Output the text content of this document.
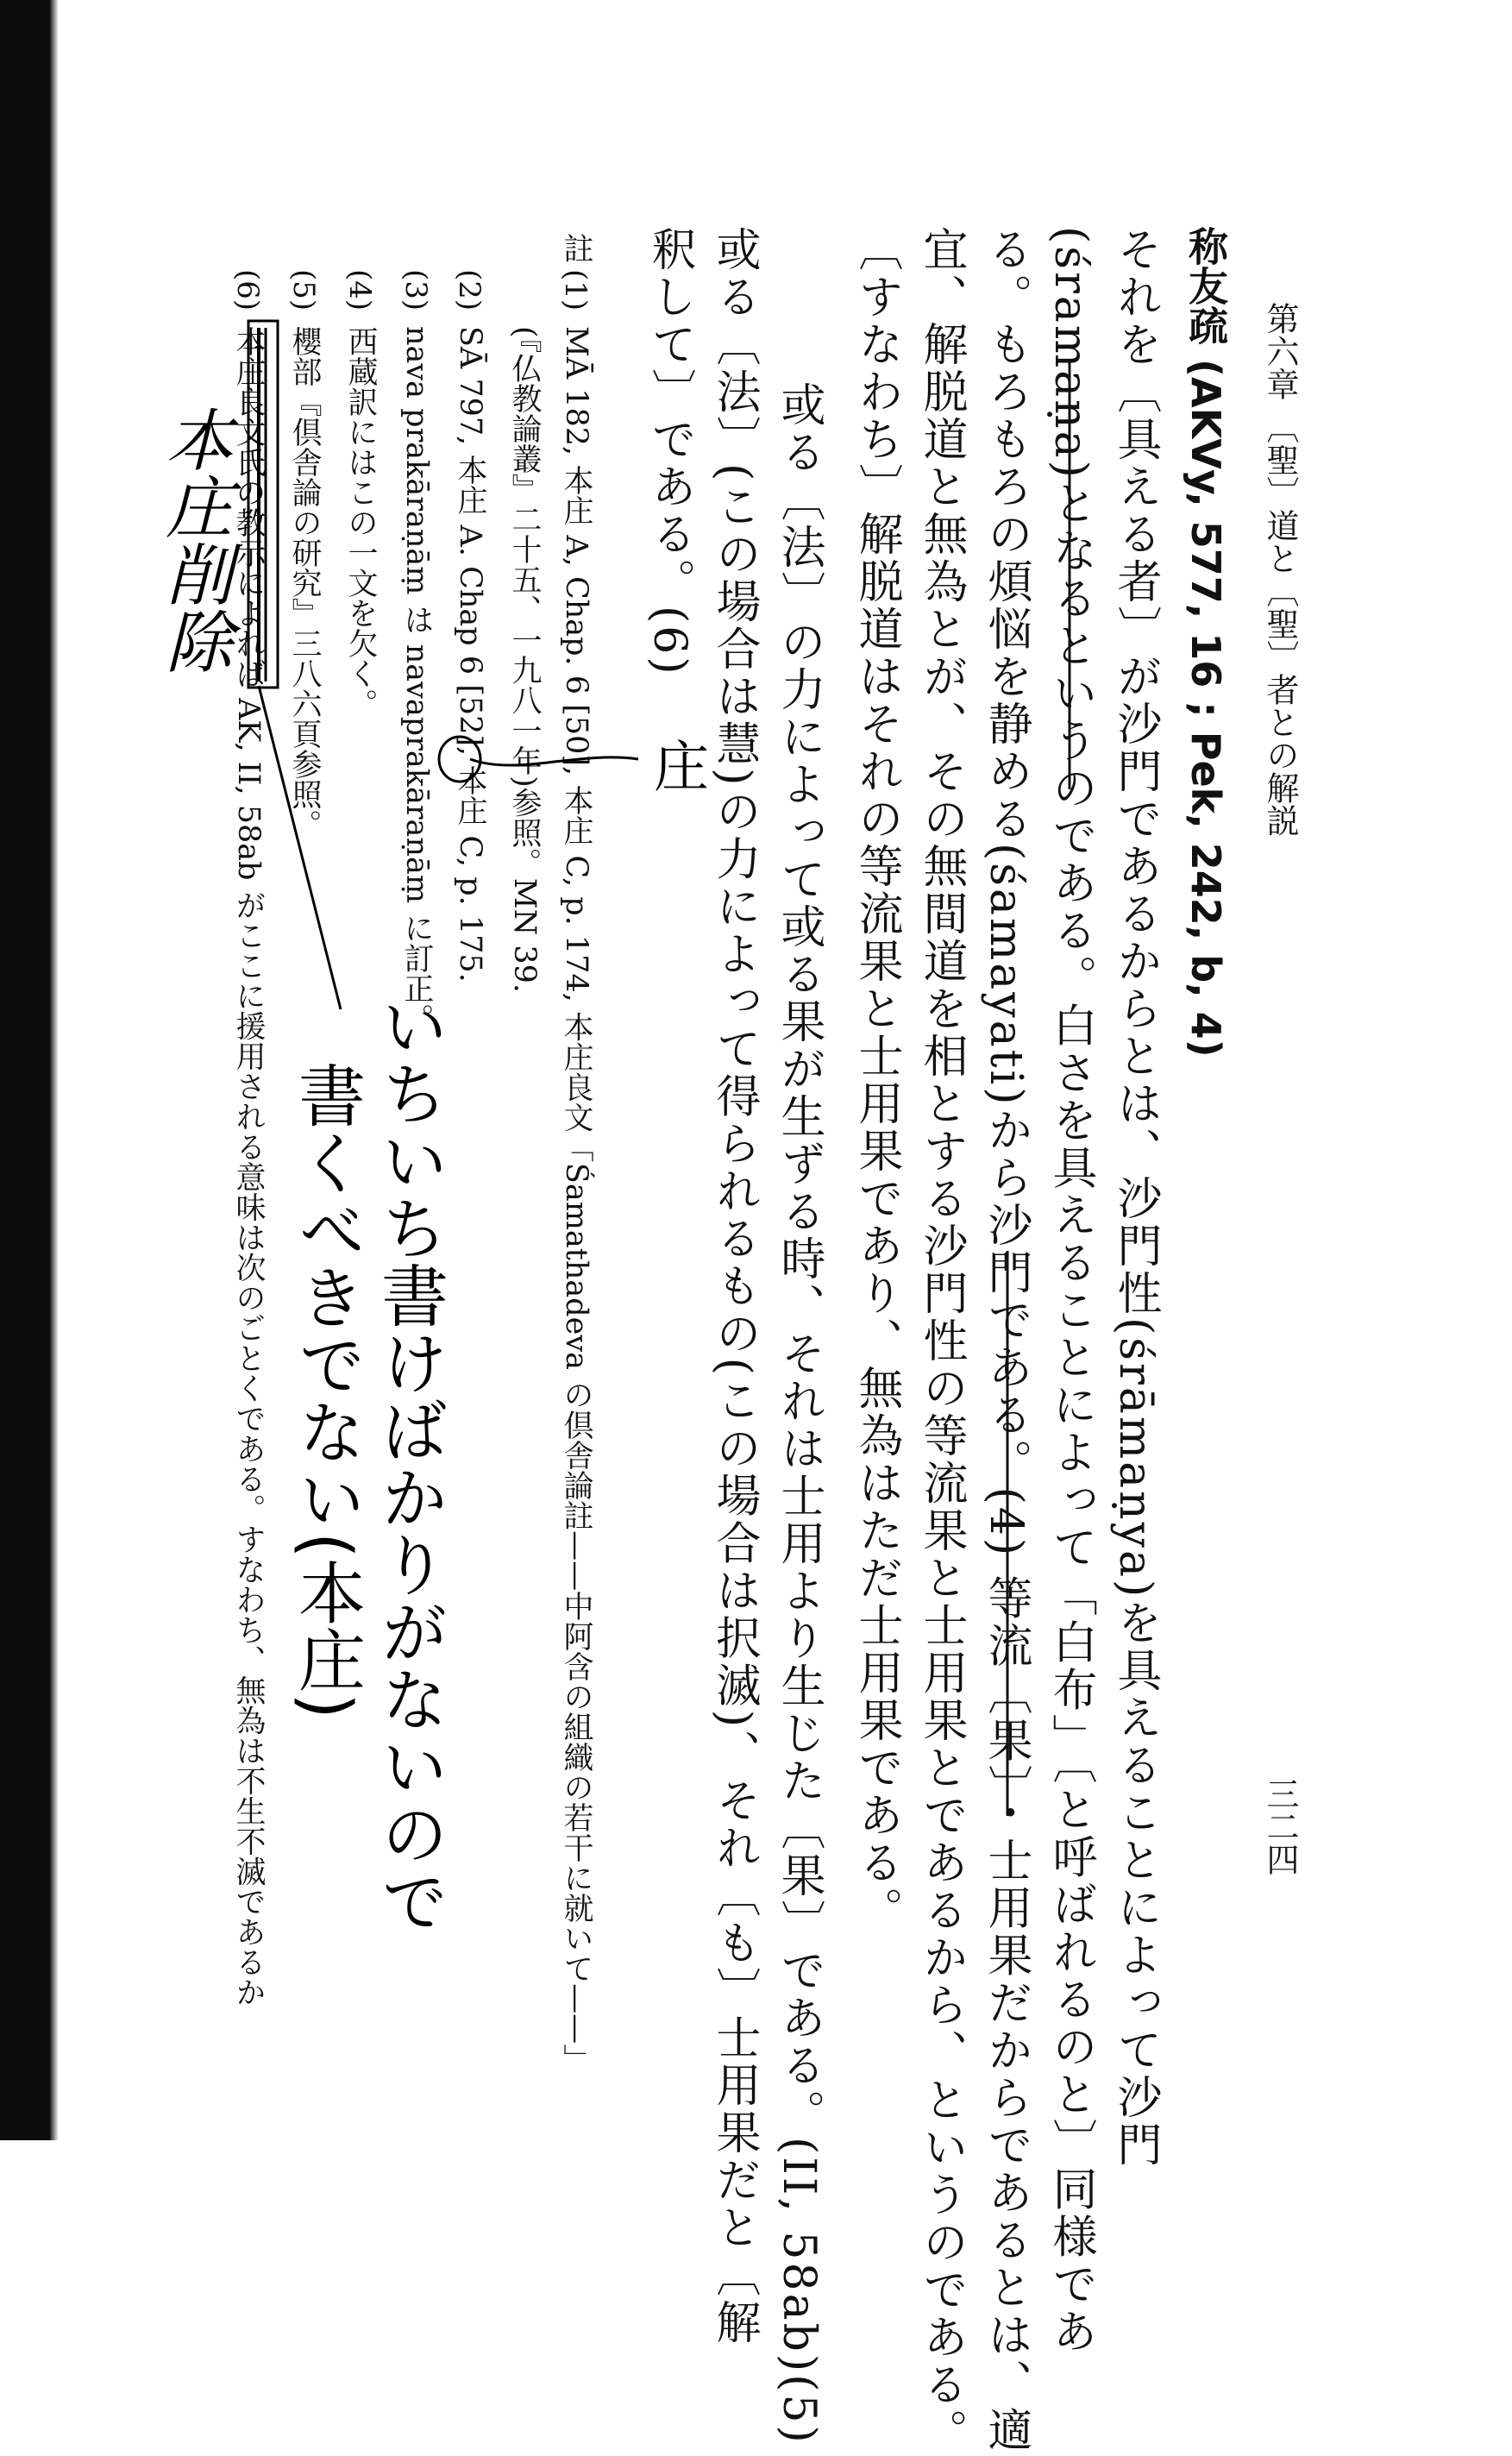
第六章 〔聖〕道と〔聖〕者との解説
三二四
称友疏 (AKVy, 577, 16 ; Pek, 242, b, 4)
それを〔具える者〕が沙門であるからとは、沙門性(śrāmaṇya)を具えることによって沙門
(śramaṇa)となるというのである。白さを具えることによって「白布」〔と呼ばれるのと〕同様であ
る。もろもろの煩悩を静める(śamayati)から沙門である。(4) 等流〔果〕・士用果だからであるとは、適
宜、解脱道と無為とが、その無間道を相とする沙門性の等流果と士用果とであるから、というのである。
〔すなわち〕解脱道はそれの等流果と士用果であり、無為はただ士用果である。
或る〔法〕の力によって或る果が生ずる時、それは士用より生じた〔果〕である。(II, 58ab)(5)
或る〔法〕(この場合は慧)の力によって得られるもの(この場合は択滅)、それ〔も〕士用果だと〔解
釈して〕である。(6)
註
(1)
MĀ 182, 本庄 A, Chap. 6 [50], 本庄 C, p. 174, 本庄良文「Śamathadeva の倶舎論註——中阿含の組織の若干に就いて——」
(『仏教論叢』二十五、一九八一年)参照。MN 39.
(2)
SĀ 797, 本庄 A. Chap 6 [52], 本庄 C, p. 175.
(3)
nava prakāraṇāṃ は navaprakāraṇāṃ に訂正。
(4)
西蔵訳にはこの一文を欠く。
(5)
櫻部『倶舎論の研究』三八六頁参照。
(6)
本庄良文氏の教示によれば AK, II, 58ab がここに援用される意味は次のごとくである。すなわち、無為は不生不滅であるか	庄
本庄削除
いちいち書けばかりがないので
書くべきでない(本庄)
